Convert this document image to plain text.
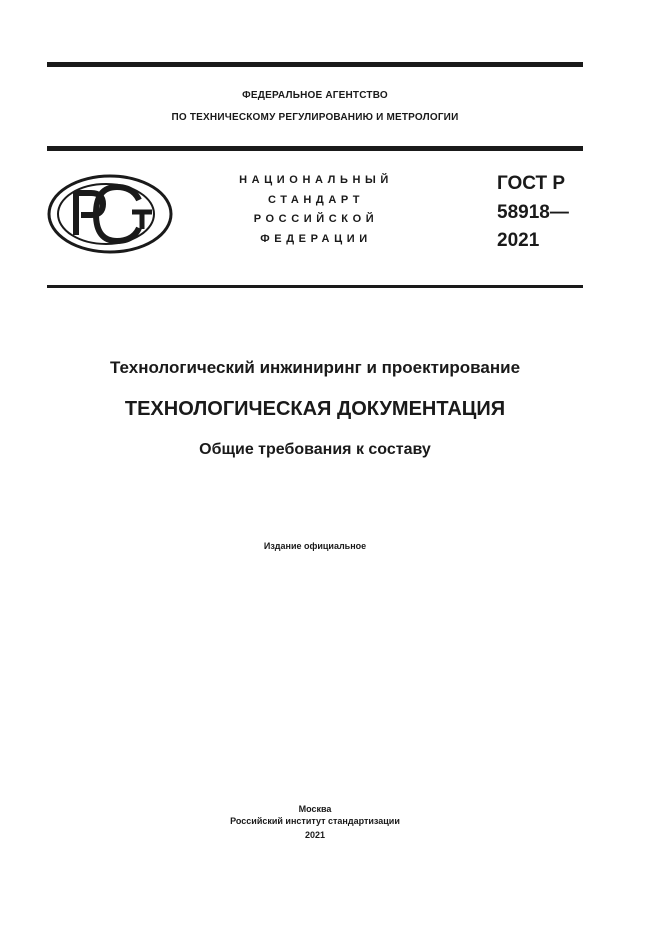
ФЕДЕРАЛЬНОЕ АГЕНТСТВО
ПО ТЕХНИЧЕСКОМУ РЕГУЛИРОВАНИЮ И МЕТРОЛОГИИ
НАЦИОНАЛЬНЫЙ
СТАНДАРТ
РОССИЙСКОЙ
ФЕДЕРАЦИИ
ГОСТ Р
58918—
2021
Технологический инжиниринг и проектирование
ТЕХНОЛОГИЧЕСКАЯ ДОКУМЕНТАЦИЯ
Общие требования к составу
Издание официальное
Москва
Российский институт стандартизации
2021
